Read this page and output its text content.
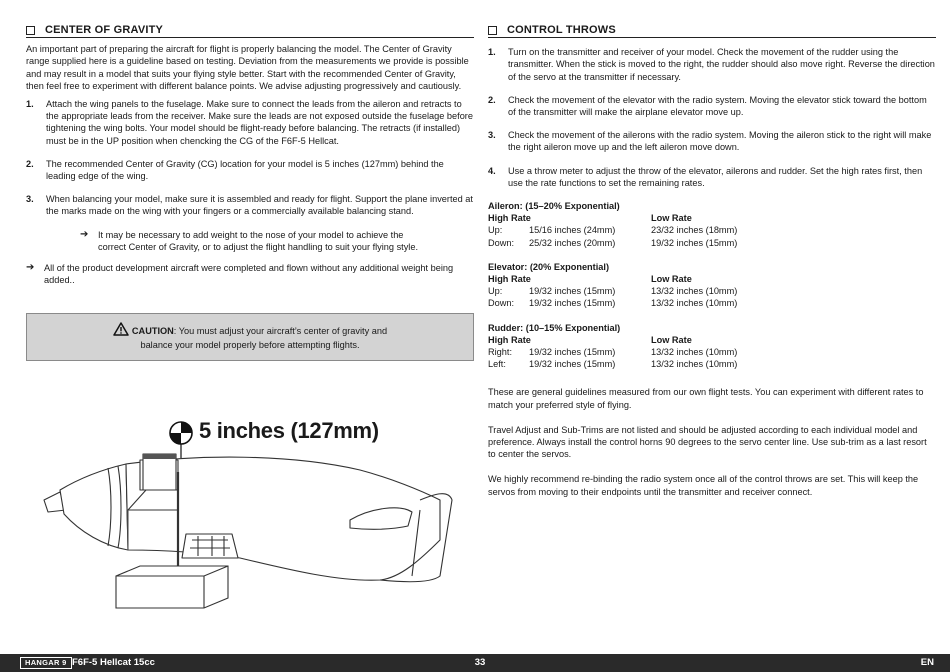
CENTER OF GRAVITY

An important part of preparing the aircraft for flight is properly balancing the model. The Center of Gravity range supplied here is a guideline based on testing. Deviation from the measurements we provide is possible and may result in a model that suits your flying style better. Start with the recommended Center of Gravity, then feel free to experiment with different balance points. We advise adjusting progressively and cautiously.

1.	Attach the wing panels to the fuselage. Make sure to connect the leads from the aileron and retracts to the appropriate leads from the receiver. Make sure the leads are not exposed outside the fuselage before tightening the wing bolts. Your model should be flight-ready before balancing. The retracts (if installed) must be in the UP position when chencking the CG of the F6F-5 Hellcat.
2.	The recommended Center of Gravity (CG) location for your model is 5 inches (127mm) behind the leading edge of the wing.
3.	When balancing your model, make sure it is assembled and ready for flight. Support the plane inverted at the marks made on the wing with your fingers or a commercially available balancing stand.
➔	It may be necessary to add weight to the nose of your model to achieve the correct Center of Gravity, or to adjust the flight handling to suit your flying style.
➔	All of the product development aircraft were completed and flown without any additional weight being added..
CAUTION: You must adjust your aircraft’s center of gravity and balance your model properly before attempting flights.
5 inches (127mm)
CONTROL THROWS
1.	Turn on the transmitter and receiver of your model. Check the movement of the rudder using the transmitter. When the stick is moved to the right, the rudder should also move right. Reverse the direction of the servo at the transmitter if necessary.
2.	Check the movement of the elevator with the radio system. Moving the elevator stick toward the bottom of the transmitter will make the airplane elevator move up.
3.	Check the movement of the ailerons with the radio system. Moving the aileron stick to the right will make the right aileron move up and the left aileron move down.
4.	Use a throw meter to adjust the throw of the elevator, ailerons and rudder. Set the high rates first, then use the rate functions to set the remaining rates.
Aileron: (15–20% Exponential)
High Rate	Low Rate
Up:	15/16 inches (24mm)	23/32 inches (18mm)
Down:	25/32 inches (20mm)	19/32 inches (15mm)
Elevator: (20% Exponential)
High Rate	Low Rate
Up:	19/32 inches (15mm)	13/32 inches (10mm)
Down:	19/32 inches (15mm)	13/32 inches (10mm)
Rudder: (10–15% Exponential)
High Rate	Low Rate
Right:	19/32 inches (15mm)	13/32 inches (10mm)
Left:	19/32 inches (15mm)	13/32 inches (10mm)

These are general guidelines measured from our own flight tests. You can experiment with different rates to match your preferred style of flying.

Travel Adjust and Sub-Trims are not listed and should be adjusted according to each individual model and preference. Always install the control horns 90 degrees to the servo center line. Use sub-trim as a last resort to center the servos.

We highly recommend re-binding the radio system once all of the control throws are set. This will keep the servos from moving to their endpoints until the transmitter and receiver connect.

HANGAR 9 F6F-5 Hellcat 15cc	33	EN
